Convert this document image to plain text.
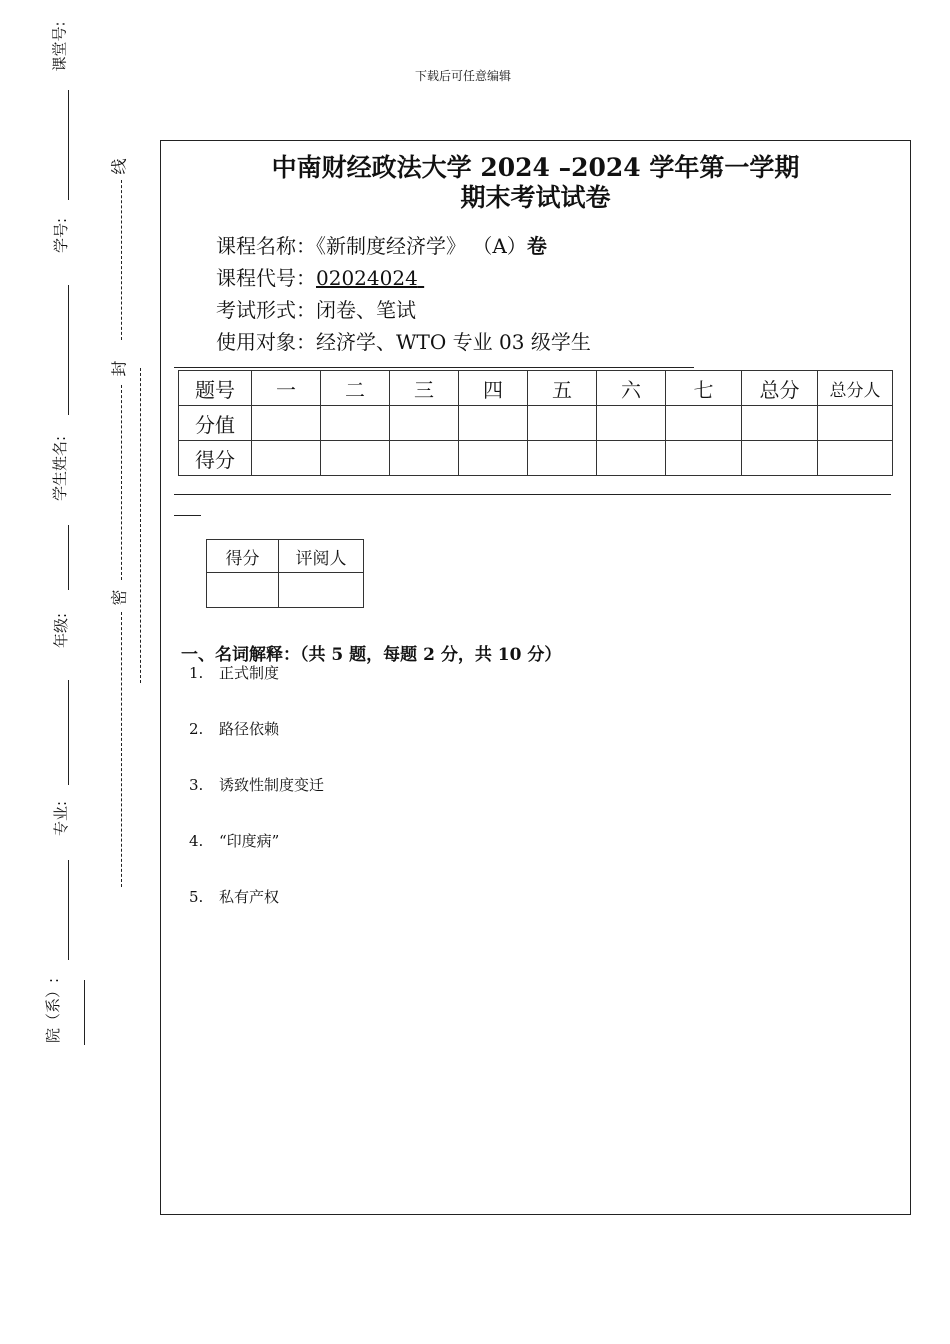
下载后可任意编辑
课堂号:
学号:
学生姓名:
年级:
专业:
院（系）:
线
封
密
中南财经政法大学 2024 –2024 学年第一学期
期末考试试卷
课程名称：《新制度经济学》 （A）卷
课程代号：02024024
考试形式：闭卷、笔试
使用对象：经济学、WTO 专业 03 级学生
题号	一	二	三	四	五	六	七	总分	总分人
分值									
得分									
得分	评阅人

一、名词解释：（共 5 题，每题 2 分，共 10 分）
1. 正式制度
2. 路径依赖
3. 诱致性制度变迁
4. “印度病”
5. 私有产权
